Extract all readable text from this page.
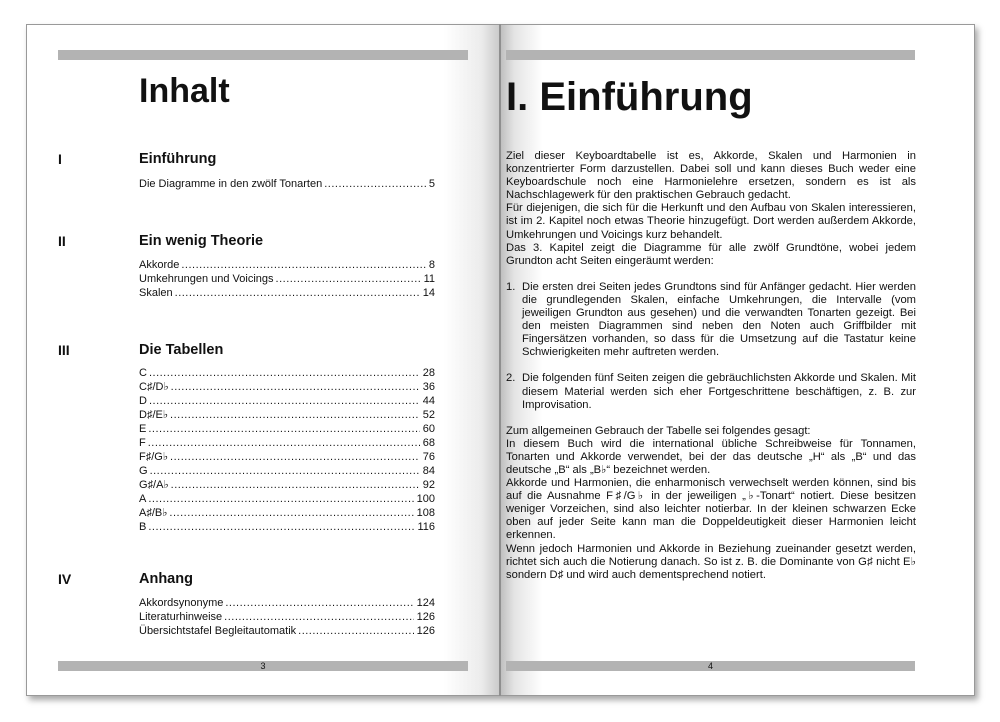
Inhalt
I	Einführung
Die Diagramme in den zwölf Tonarten .....	5
II	Ein wenig Theorie
Akkorde .....	8
Umkehrungen und Voicings .....	11
Skalen .....	14
III	Die Tabellen
C .....	28
C♯/D♭ .....	36
D .....	44
D♯/E♭ .....	52
E .....	60
F .....	68
F♯/G♭ .....	76
G .....	84
G♯/A♭ .....	92
A .....	100
A♯/B♭ .....	108
B .....	116
IV	Anhang
Akkordsynonyme .....	124
Literaturhinweise .....	126
Übersichtstafel Begleitautomatik .....	126
3
I. Einführung

Ziel dieser Keyboardtabelle ist es, Akkorde, Skalen und Harmonien in konzentrierter Form darzustellen. Dabei soll und kann dieses Buch weder eine Keyboardschule noch eine Harmonielehre ersetzen, sondern es ist als Nachschlagewerk für den praktischen Gebrauch gedacht.

Für diejenigen, die sich für die Herkunft und den Aufbau von Skalen interessieren, ist im 2. Kapitel noch etwas Theorie hinzugefügt. Dort werden außerdem Akkorde, Umkehrungen und Voicings kurz behandelt.

Das 3. Kapitel zeigt die Diagramme für alle zwölf Grundtöne, wobei jedem Grundton acht Seiten eingeräumt werden:

1. Die ersten drei Seiten jedes Grundtons sind für Anfänger gedacht. Hier werden die grundlegenden Skalen, einfache Umkehrungen, die Intervalle (vom jeweiligen Grundton aus gesehen) und die verwandten Tonarten gezeigt. Bei den meisten Diagrammen sind neben den Noten auch Griffbilder mit Fingersätzen vorhanden, so dass für die Umsetzung auf die Tastatur keine Schwierigkeiten mehr auftreten werden.
2. Die folgenden fünf Seiten zeigen die gebräuchlichsten Akkorde und Skalen. Mit diesem Material werden sich eher Fortgeschrittene beschäftigen, z. B. zur Improvisation.

Zum allgemeinen Gebrauch der Tabelle sei folgendes gesagt:

In diesem Buch wird die international übliche Schreibweise für Tonnamen, Tonarten und Akkorde verwendet, bei der das deutsche „H“ als „B“ und das deutsche „B“ als „B♭“ bezeichnet werden.

Akkorde und Harmonien, die enharmonisch verwechselt werden können, sind bis auf die Ausnahme F♯/G♭ in der jeweiligen „♭-Tonart“ notiert. Diese besitzen weniger Vorzeichen, sind also leichter notierbar. In der kleinen schwarzen Ecke oben auf jeder Seite kann man die Doppeldeutigkeit dieser Harmonien leicht erkennen.

Wenn jedoch Harmonien und Akkorde in Beziehung zueinander gesetzt werden, richtet sich auch die Notierung danach. So ist z. B. die Dominante von G♯ nicht E♭ sondern D♯ und wird auch dementsprechend notiert.

4
